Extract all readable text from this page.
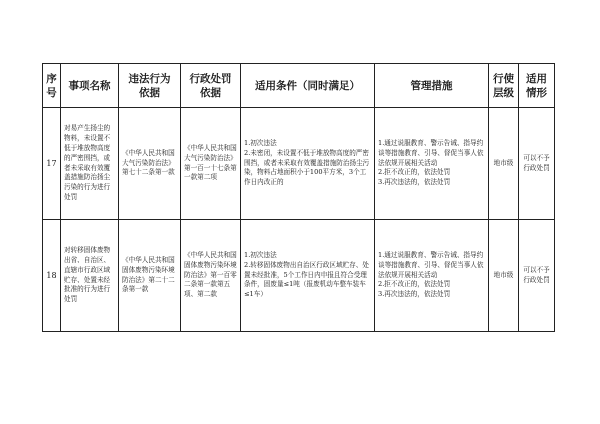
序号	事项名称	违法行为依据	行政处罚依据	适用条件（同时满足）	管理措施	行使层级	适用情形
17	对易产生扬尘的物料，未设置不低于堆放物高度的严密围挡，或者未采取有效覆盖措施防治扬尘污染的行为进行处罚	《中华人民共和国大气污染防治法》第七十二条第一款	《中华人民共和国大气污染防治法》第一百一十七条第一款第二项	1.初次违法
2.未密闭，未设置不低于堆放物高度的严密围挡，或者未采取有效覆盖措施防治扬尘污染，物料占地面积小于100平方米，3个工作日内改正的	1.通过说服教育、警示告诫、指导约谈等措施教育、引导、督促当事人依法依规开展相关活动
2.拒不改正的，依法处罚
3.再次违法的，依法处罚	地市级	可以不予行政处罚
18	对转移固体废物出省、自治区、直辖市行政区域贮存、处置未经批准的行为进行处罚	《中华人民共和国固体废物污染环境防治法》第二十二条第一款	《中华人民共和国固体废物污染环境防治法》第一百零二条第一款第五项、第二款	1.初次违法
2.转移固体废物出自治区行政区域贮存、处置未经批准，5个工作日内申报且符合受理条件，固废量≤1吨（报废机动车整车装车≤1车）	1.通过说服教育、警示告诫、指导约谈等措施教育、引导、督促当事人依法依规开展相关活动
2.拒不改正的，依法处罚
3.再次违法的，依法处罚	地市级	可以不予行政处罚
